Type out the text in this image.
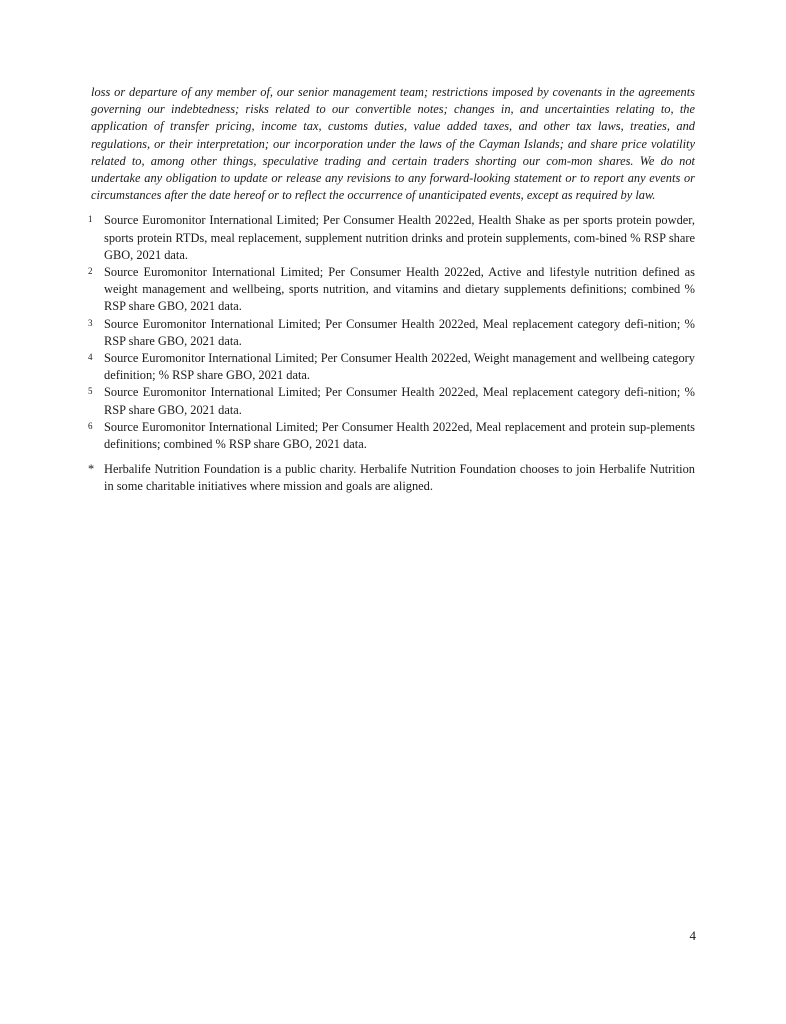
loss or departure of any member of, our senior management team; restrictions imposed by covenants in the agreements governing our indebtedness; risks related to our convertible notes; changes in, and uncertainties relating to, the application of transfer pricing, income tax, customs duties, value added taxes, and other tax laws, treaties, and regulations, or their interpretation; our incorporation under the laws of the Cayman Islands; and share price volatility related to, among other things, speculative trading and certain traders shorting our com-mon shares. We do not undertake any obligation to update or release any revisions to any forward-looking statement or to report any events or circumstances after the date hereof or to reflect the occurrence of unanticipated events, except as required by law.

1 Source Euromonitor International Limited; Per Consumer Health 2022ed, Health Shake as per sports protein powder, sports protein RTDs, meal replacement, supplement nutrition drinks and protein supplements, com-bined % RSP share GBO, 2021 data.
2 Source Euromonitor International Limited; Per Consumer Health 2022ed, Active and lifestyle nutrition defined as weight management and wellbeing, sports nutrition, and vitamins and dietary supplements definitions; combined % RSP share GBO, 2021 data.
3 Source Euromonitor International Limited; Per Consumer Health 2022ed, Meal replacement category defi-nition; % RSP share GBO, 2021 data.
4 Source Euromonitor International Limited; Per Consumer Health 2022ed, Weight management and wellbeing category definition; % RSP share GBO, 2021 data.
5 Source Euromonitor International Limited; Per Consumer Health 2022ed, Meal replacement category defi-nition; % RSP share GBO, 2021 data.
6 Source Euromonitor International Limited; Per Consumer Health 2022ed, Meal replacement and protein sup-plements definitions; combined % RSP share GBO, 2021 data.
* Herbalife Nutrition Foundation is a public charity. Herbalife Nutrition Foundation chooses to join Herbalife Nutrition in some charitable initiatives where mission and goals are aligned.
4
